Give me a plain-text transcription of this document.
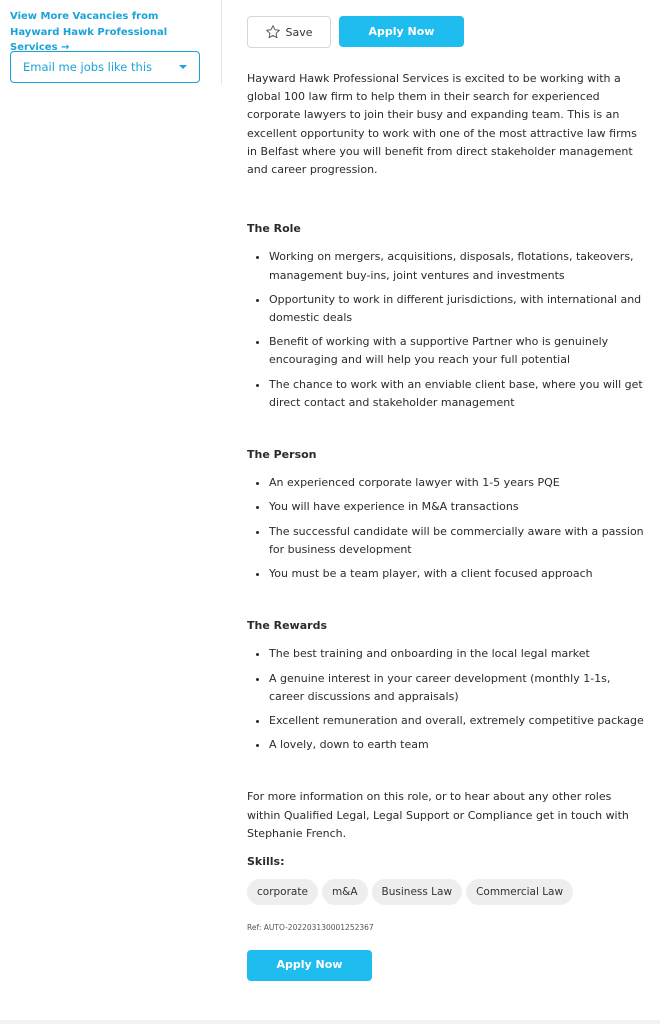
View More Vacancies from Hayward Hawk Professional Services →
Email me jobs like this
Save	Apply Now

Hayward Hawk Professional Services is excited to be working with a global 100 law firm to help them in their search for experienced corporate lawyers to join their busy and expanding team. This is an excellent opportunity to work with one of the most attractive law firms in Belfast where you will benefit from direct stakeholder management and career progression.

The Role

• Working on mergers, acquisitions, disposals, flotations, takeovers, management buy-ins, joint ventures and investments
• Opportunity to work in different jurisdictions, with international and domestic deals
• Benefit of working with a supportive Partner who is genuinely encouraging and will help you reach your full potential
• The chance to work with an enviable client base, where you will get direct contact and stakeholder management

The Person

• An experienced corporate lawyer with 1-5 years PQE
• You will have experience in M&A transactions
• The successful candidate will be commercially aware with a passion for business development
• You must be a team player, with a client focused approach

The Rewards

• The best training and onboarding in the local legal market
• A genuine interest in your career development (monthly 1-1s, career discussions and appraisals)
• Excellent remuneration and overall, extremely competitive package
• A lovely, down to earth team

For more information on this role, or to hear about any other roles within Qualified Legal, Legal Support or Compliance get in touch with Stephanie French.

Skills:
corporate	m&A	Business Law	Commercial Law
Ref: AUTO-202203130001252367
Apply Now
